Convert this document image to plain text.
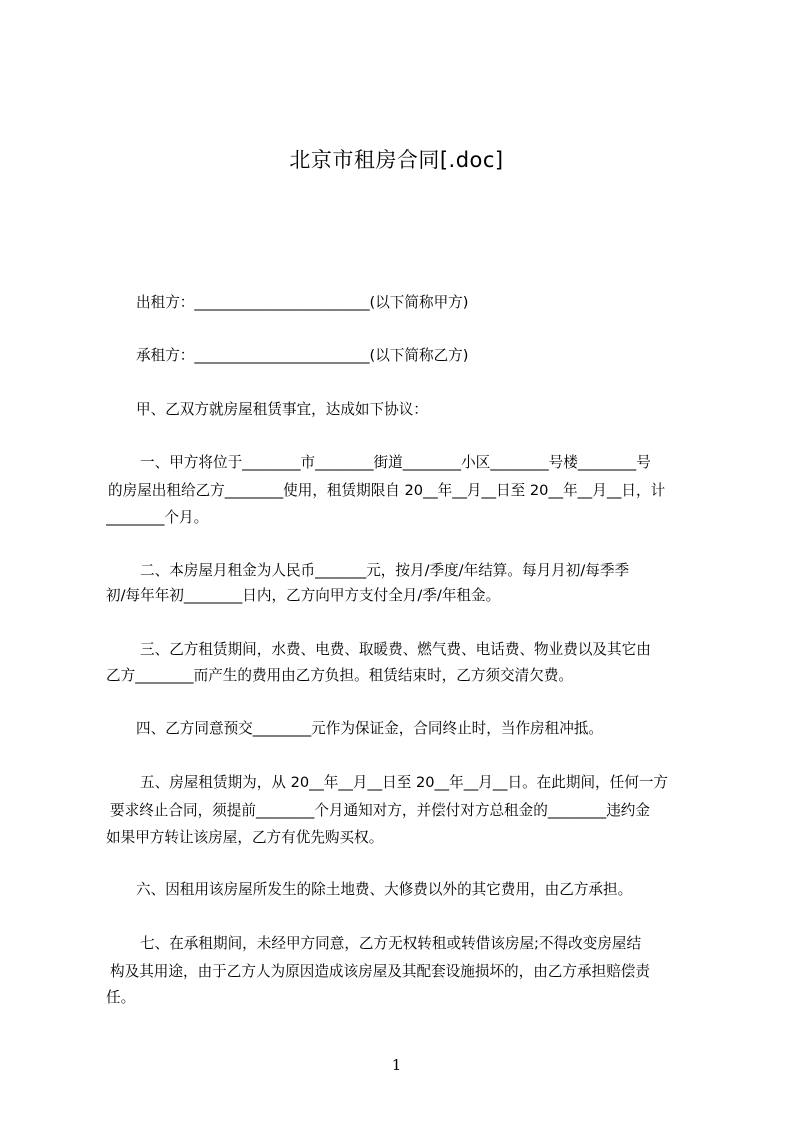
北京市租房合同[.doc]
出租方：________________________(以下简称甲方)
承租方：________________________(以下简称乙方)
甲、乙双方就房屋租赁事宜，达成如下协议：
一、甲方将位于________市________街道________小区________号楼________号
的房屋出租给乙方________使用，租赁期限自 20__年__月__日至 20__年__月__日，计
________个月。
二、本房屋月租金为人民币_______元，按月/季度/年结算。每月月初/每季季
初/每年年初________日内，乙方向甲方支付全月/季/年租金。
三、乙方租赁期间，水费、电费、取暖费、燃气费、电话费、物业费以及其它由
乙方________而产生的费用由乙方负担。租赁结束时，乙方须交清欠费。
四、乙方同意预交________元作为保证金，合同终止时，当作房租冲抵。
五、房屋租赁期为，从 20__年__月__日至 20__年__月__日。在此期间，任何一方
要求终止合同，须提前________个月通知对方，并偿付对方总租金的________违约金
如果甲方转让该房屋，乙方有优先购买权。
六、因租用该房屋所发生的除土地费、大修费以外的其它费用，由乙方承担。
七、在承租期间，未经甲方同意，乙方无权转租或转借该房屋;不得改变房屋结
构及其用途，由于乙方人为原因造成该房屋及其配套设施损坏的，由乙方承担赔偿责
任。
1
